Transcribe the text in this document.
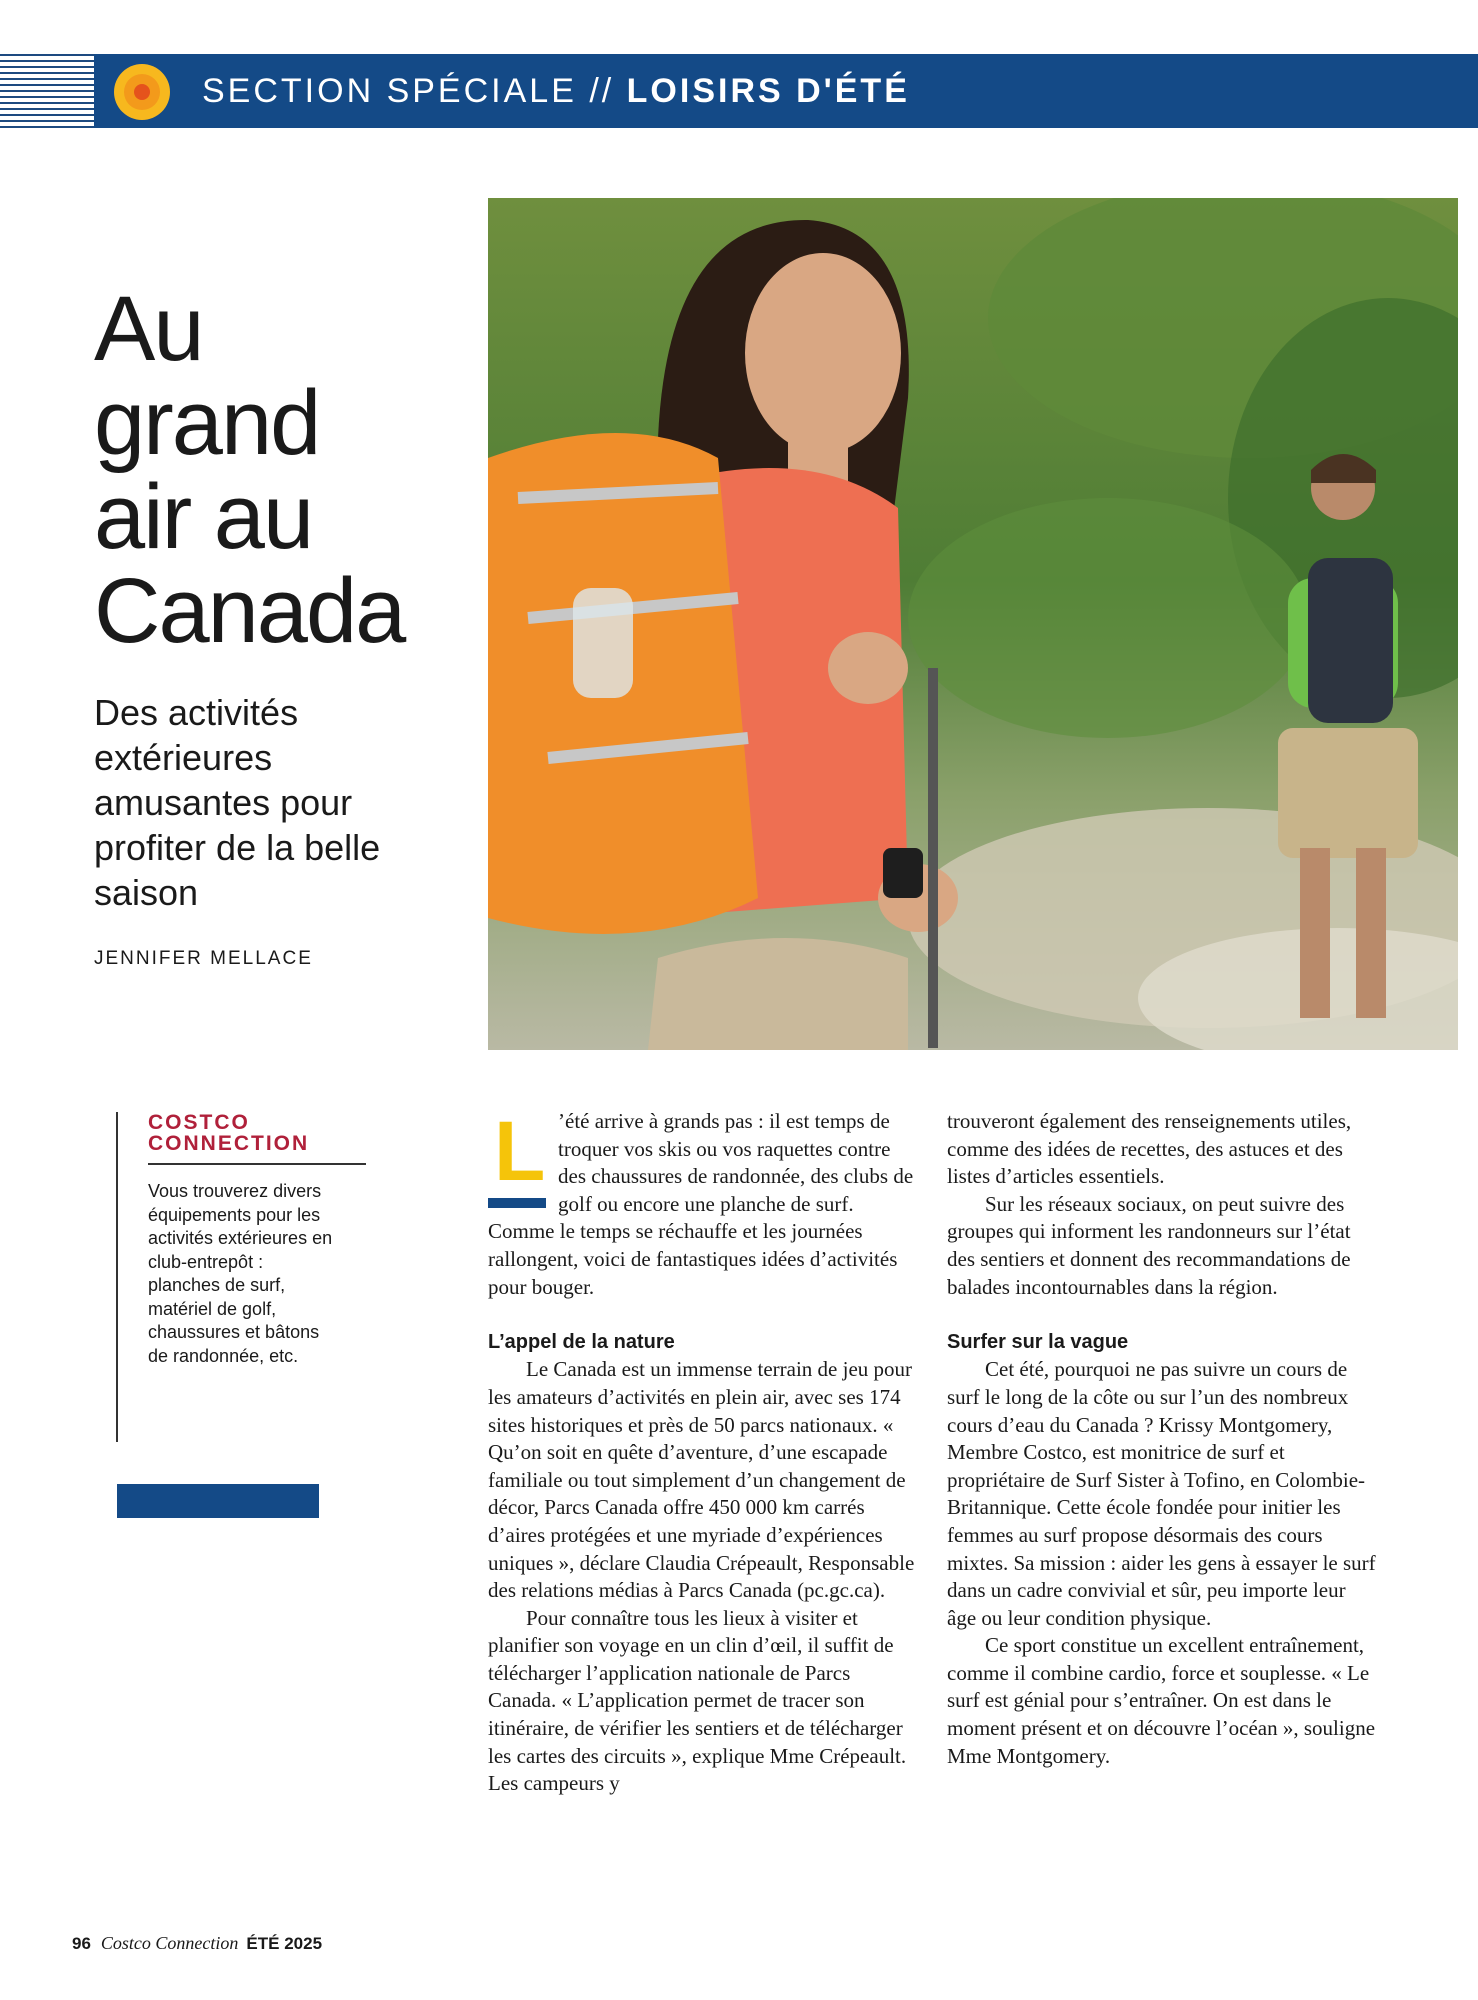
SECTION SPÉCIALE // LOISIRS D'ÉTÉ
Au
grand
air au
Canada
Des activités extérieures amusantes pour profiter de la belle saison
JENNIFER MELLACE
COSTCO
CONNECTION
Vous trouverez divers équipements pour les activités extérieures en club-entrepôt : planches de surf, matériel de golf, chaussures et bâtons de randonnée, etc.
L ’été arrive à grands pas : il est temps de troquer vos skis ou vos raquettes contre des chaussures de randonnée, des clubs de golf ou encore une planche de surf. Comme le temps se réchauffe et les journées rallongent, voici de fantastiques idées d’activités pour bouger.

L’appel de la nature

Le Canada est un immense terrain de jeu pour les amateurs d’activités en plein air, avec ses 174 sites historiques et près de 50 parcs nationaux. « Qu’on soit en quête d’aventure, d’une escapade familiale ou tout simplement d’un changement de décor, Parcs Canada offre 450 000 km carrés d’aires protégées et une myriade d’expériences uniques », déclare Claudia Crépeault, Responsable des relations médias à Parcs Canada (pc.gc.ca).

Pour connaître tous les lieux à visiter et planifier son voyage en un clin d’œil, il suffit de télécharger l’application nationale de Parcs Canada. « L’application permet de tracer son itinéraire, de vérifier les sentiers et de télécharger les cartes des circuits », explique Mme Crépeault. Les campeurs y

trouveront également des renseignements utiles, comme des idées de recettes, des astuces et des listes d’articles essentiels.

Sur les réseaux sociaux, on peut suivre des groupes qui informent les randonneurs sur l’état des sentiers et donnent des recommandations de balades incontournables dans la région.

Surfer sur la vague

Cet été, pourquoi ne pas suivre un cours de surf le long de la côte ou sur l’un des nombreux cours d’eau du Canada ? Krissy Montgomery, Membre Costco, est monitrice de surf et propriétaire de Surf Sister à Tofino, en Colombie-Britannique. Cette école fondée pour initier les femmes au surf propose désormais des cours mixtes. Sa mission : aider les gens à essayer le surf dans un cadre convivial et sûr, peu importe leur âge ou leur condition physique.

Ce sport constitue un excellent entraînement, comme il combine cardio, force et souplesse. « Le surf est génial pour s’entraîner. On est dans le moment présent et on découvre l’océan », souligne Mme Montgomery.

96 Costco Connection ÉTÉ 2025
